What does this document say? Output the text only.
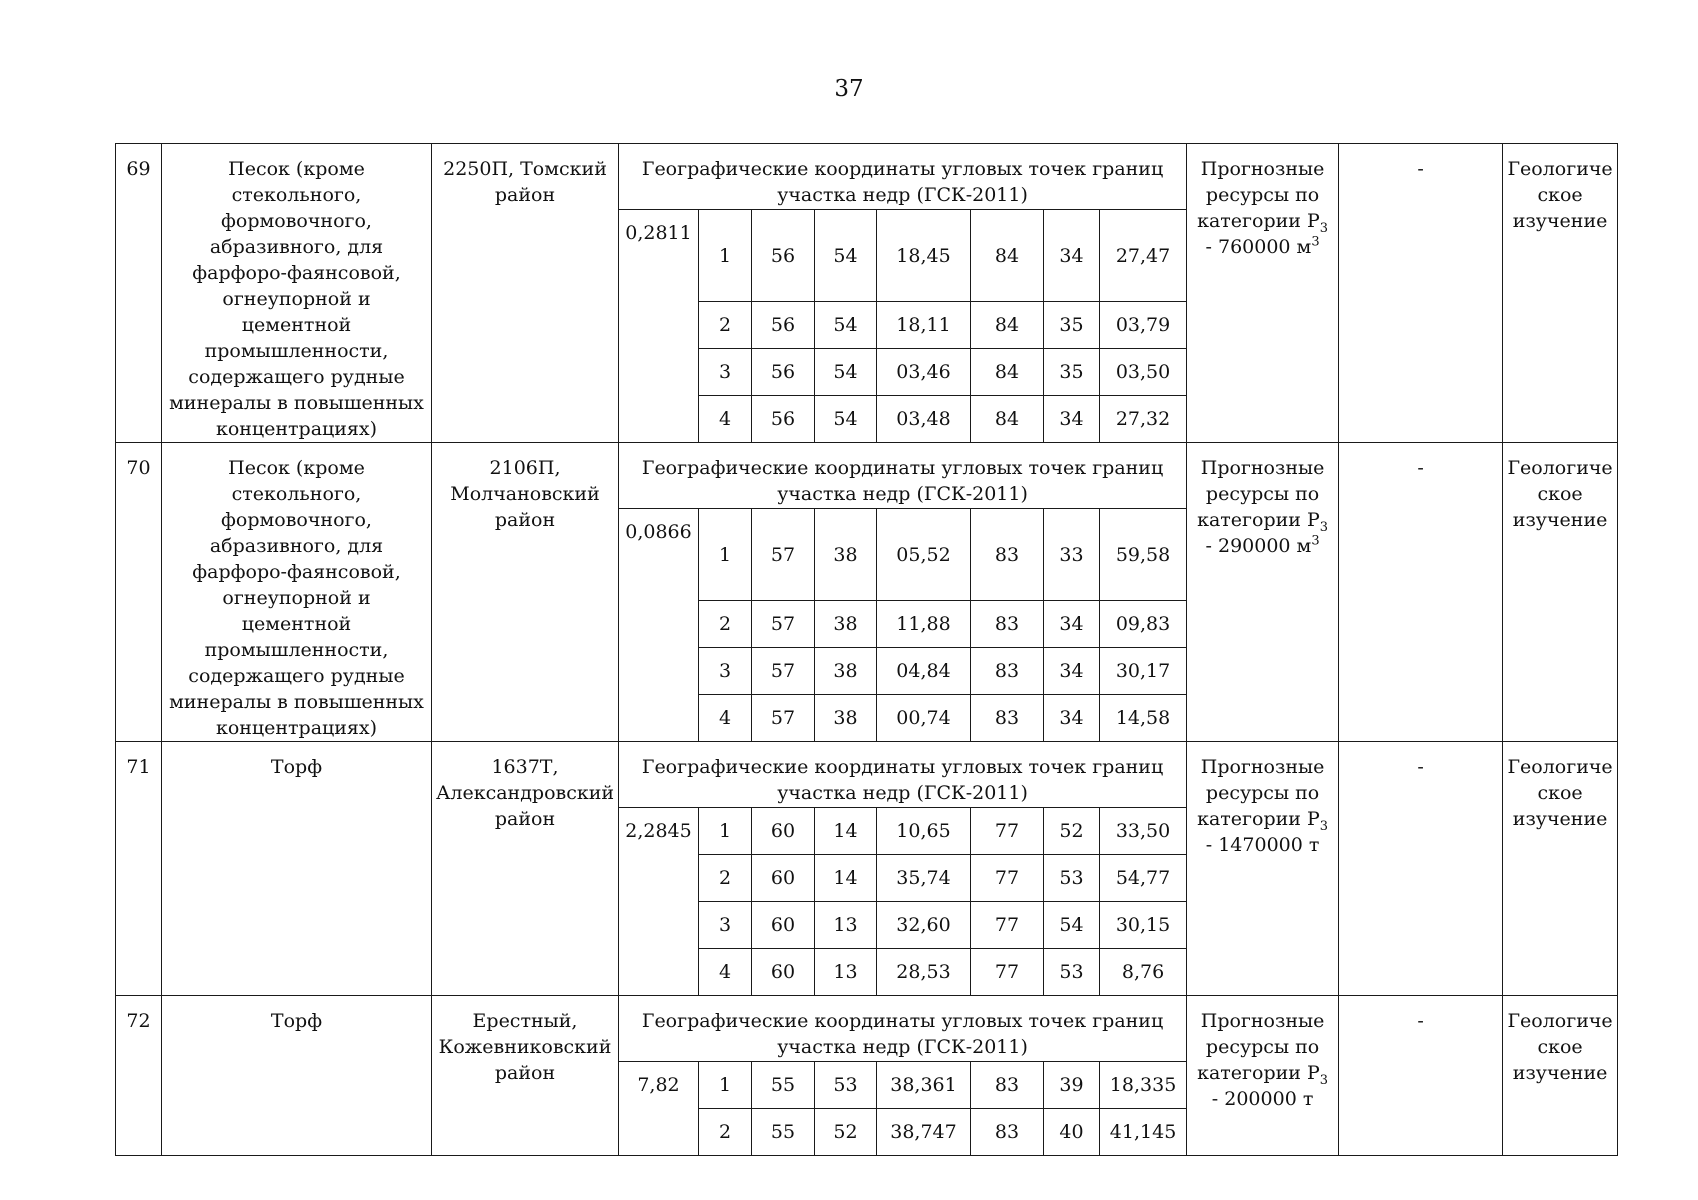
37
69	Песок (кроме стекольного, формовочного, абразивного, для фарфоро-фаянсовой, огнеупорной и цементной промышленности, содержащего рудные минералы в повышенных концентрациях)	2250П, Томский район	Географические координаты угловых точек границ участка недр (ГСК-2011)								Прогнозные ресурсы по категории $Р_3 - 760000$ $м^3$	-	Геологиче ское изучение
			0,2811	1	56	54	18,45	84	34	27,47			
				2	56	54	18,11	84	35	03,79			
				3	56	54	03,46	84	35	03,50			
				4	56	54	03,48	84	34	27,32			
70	Песок (кроме стекольного, формовочного, абразивного, для фарфоро-фаянсовой, огнеупорной и цементной промышленности, содержащего рудные минералы в повышенных концентрациях)	2106П, Молчановский район	Географические координаты угловых точек границ участка недр (ГСК-2011)								Прогнозные ресурсы по категории $Р_3 - 290000$ $м^3$	-	Геологиче ское изучение
			0,0866	1	57	38	05,52	83	33	59,58			
				2	57	38	11,88	83	34	09,83			
				3	57	38	04,84	83	34	30,17			
				4	57	38	00,74	83	34	14,58			
71	Торф	1637Т, Александровский район	Географические координаты угловых точек границ участка недр (ГСК-2011)								Прогнозные ресурсы по категории $Р_3 - 1470000$ т	-	Геологиче ское изучение
			2,2845	1	60	14	10,65	77	52	33,50			
				2	60	14	35,74	77	53	54,77			
				3	60	13	32,60	77	54	30,15			
				4	60	13	28,53	77	53	8,76			
72	Торф	Ерестный, Кожевниковский район	Географические координаты угловых точек границ участка недр (ГСК-2011)								Прогнозные ресурсы по категории $Р_3 - 200000$ т	-	Геологиче ское изучение
			7,82	1	55	53	38,361	83	39	18,335			
				2	55	52	38,747	83	40	41,145			
